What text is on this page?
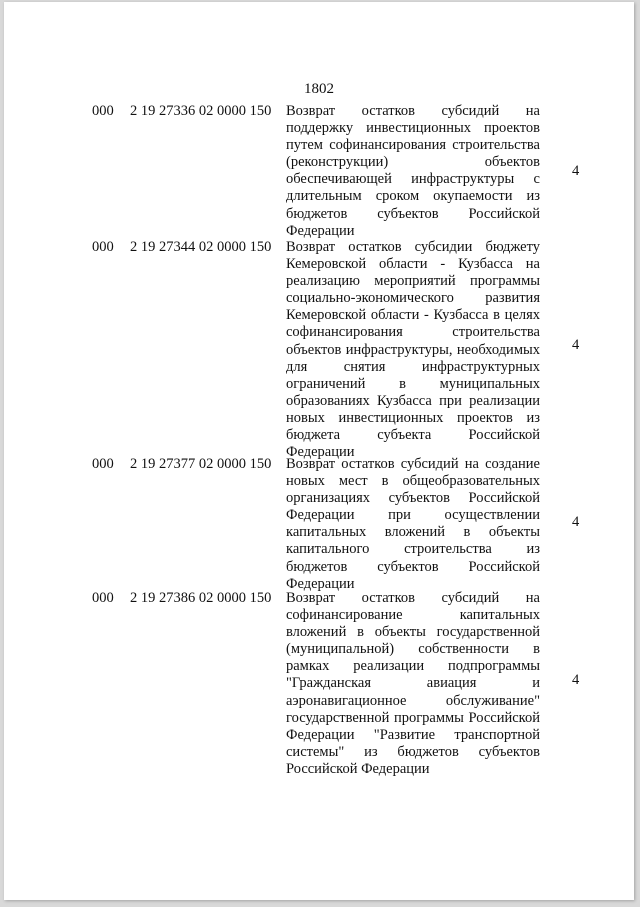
1802
000 2 19 27336 02 0000 150 Возврат остатков субсидий на поддержку инвестиционных проектов путем софинансирования строительства (реконструкции) объектов обеспечивающей инфраструктуры с длительным сроком окупаемости из бюджетов субъектов Российской Федерации
4
000 2 19 27344 02 0000 150 Возврат остатков субсидии бюджету Кемеровской области - Кузбасса на реализацию мероприятий программы социально-экономического развития Кемеровской области - Кузбасса в целях софинансирования строительства объектов инфраструктуры, необходимых для снятия инфраструктурных ограничений в муниципальных образованиях Кузбасса при реализации новых инвестиционных проектов из бюджета субъекта Российской Федерации
4
000 2 19 27377 02 0000 150 Возврат остатков субсидий на создание новых мест в общеобразовательных организациях субъектов Российской Федерации при осуществлении капитальных вложений в объекты капитального строительства из бюджетов субъектов Российской Федерации
4
000 2 19 27386 02 0000 150 Возврат остатков субсидий на софинансирование капитальных вложений в объекты государственной (муниципальной) собственности в рамках реализации подпрограммы "Гражданская авиация и аэронавигационное обслуживание" государственной программы Российской Федерации "Развитие транспортной системы" из бюджетов субъектов Российской Федерации
4
